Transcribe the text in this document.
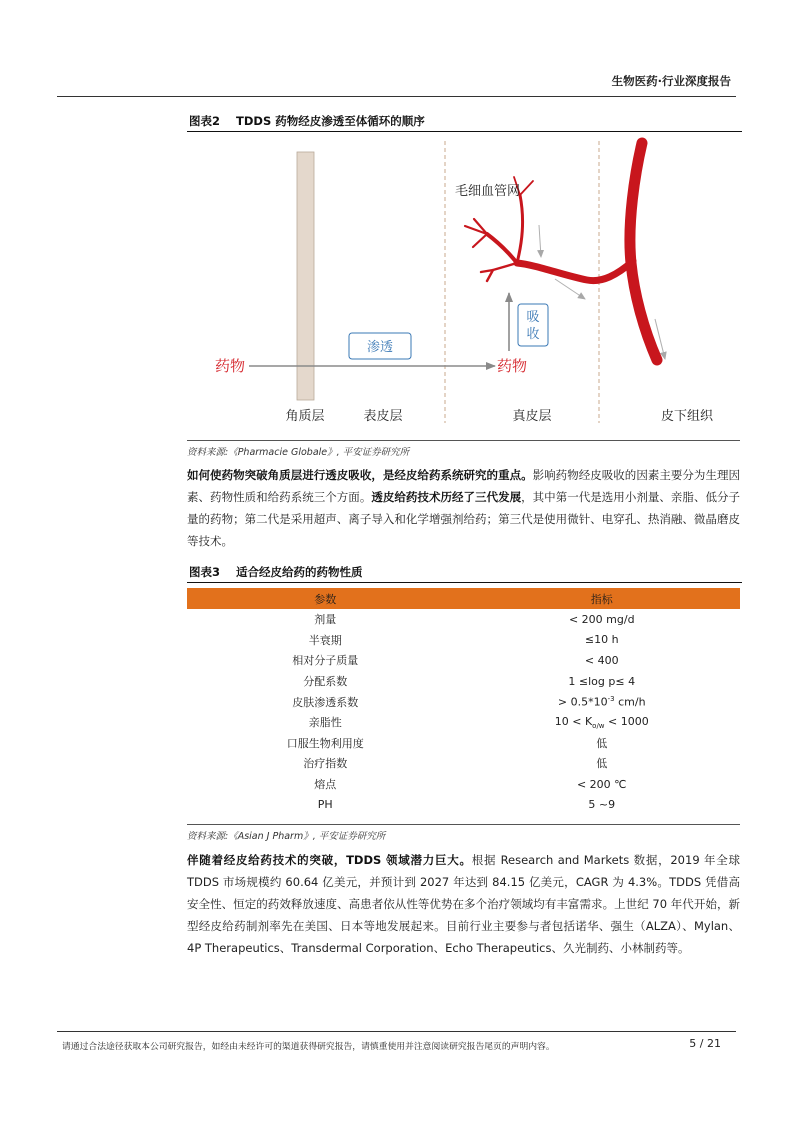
生物医药·行业深度报告
图表2 TDDS 药物经皮渗透至体循环的顺序
毛细血管网
药物	药物
渗透
吸
收
角质层	表皮层	真皮层	皮下组织
资料来源:《Pharmacie Globale》, 平安证券研究所
如何使药物突破角质层进行透皮吸收，是经皮给药系统研究的重点。影响药物经皮吸收的因素主要分为生理因素、药物性质和给药系统三个方面。透皮给药技术历经了三代发展，其中第一代是选用小剂量、亲脂、低分子量的药物；第二代是采用超声、离子导入和化学增强剂给药；第三代是使用微针、电穿孔、热消融、微晶磨皮等技术。
图表3 适合经皮给药的药物性质
参数	指标
剂量	< 200 mg/d
半衰期	≤10 h
相对分子质量	< 400
分配系数	1 ≤log p≤ 4
皮肤渗透系数	> $0.5*10^{-3}$ cm/h
亲脂性	$10 < K_{o/w} < 1000$
口服生物利用度	低
治疗指数	低
熔点	< 200 ℃
PH	5 ~9
资料来源:《Asian J Pharm》, 平安证券研究所
伴随着经皮给药技术的突破，TDDS 领域潜力巨大。根据 Research and Markets 数据，2019 年全球 TDDS 市场规模约 60.64 亿美元，并预计到 2027 年达到 84.15 亿美元，CAGR 为 4.3%。TDDS 凭借高安全性、恒定的药效释放速度、高患者依从性等优势在多个治疗领域均有丰富需求。上世纪 70 年代开始，新型经皮给药制剂率先在美国、日本等地发展起来。目前行业主要参与者包括诺华、强生（ALZA）、Mylan、4P Therapeutics、Transdermal Corporation、Echo Therapeutics、久光制药、小林制药等。
请通过合法途径获取本公司研究报告，如经由未经许可的渠道获得研究报告，请慎重使用并注意阅读研究报告尾页的声明内容。	5 / 21
